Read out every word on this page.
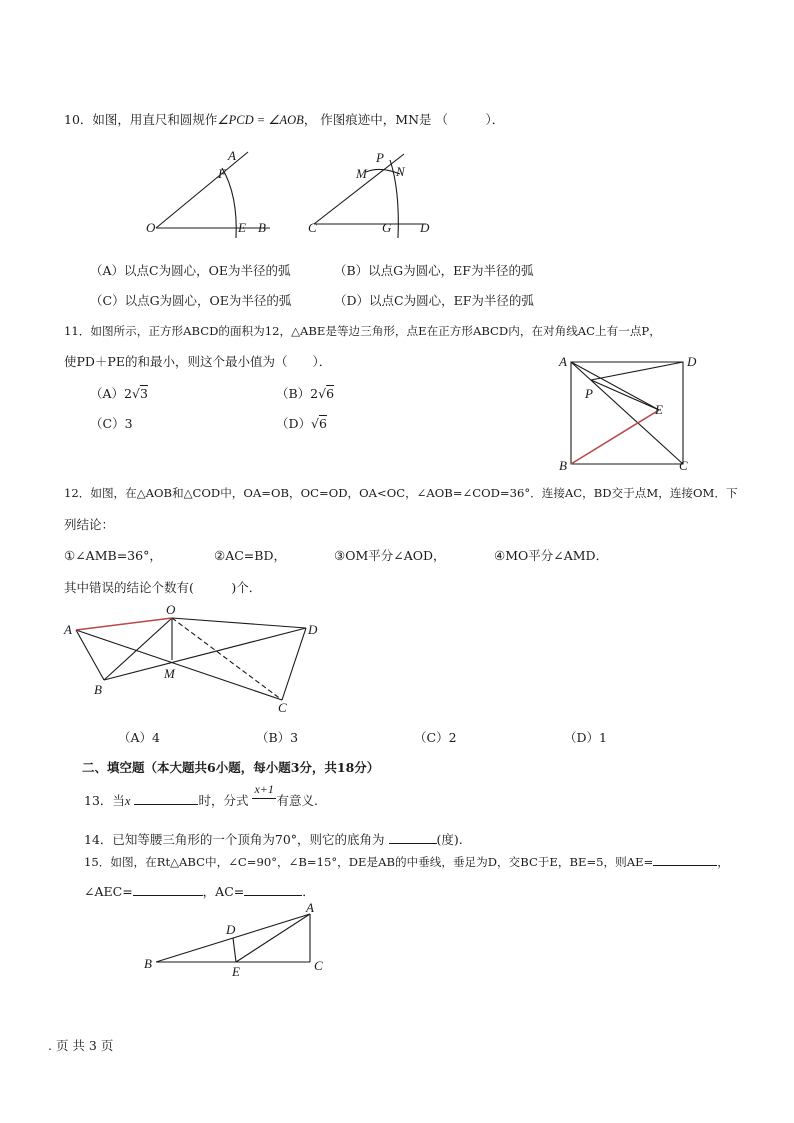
10．如图，用直尺和圆规作∠PCD = ∠AOB， 作图痕迹中，MN是 （　　　）．
A
F
O	E B
P
M N
C	G D
（A）以点C为圆心，OE为半径的弧	（B）以点G为圆心，EF为半径的弧
（C）以点G为圆心，OE为半径的弧	（D）以点C为圆心，EF为半径的弧
11．如图所示，正方形ABCD的面积为12，△ABE是等边三角形，点E在正方形ABCD内，在对角线AC上有一点P，
使PD＋PE的和最小，则这个最小值为（　　）．
（A）2√3	（B）2√6
（C）3	（D）√6
A	D
P
E
B	C
12．如图，在△AOB和△COD中，OA=OB，OC=OD，OA<OC，∠AOB=∠COD=36°．连接AC，BD交于点M，连接OM．下
列结论：
①∠AMB=36°，	②AC=BD，	③OM平分∠AOD，	④MO平分∠AMD．
其中错误的结论个数有(　　　)个．
A
O
D
B
M
C
（A）4	（B）3	（C）2	（D）1
二、填空题（本大题共6小题，每小题3分，共18分）
13．当x	时，分式
x+1
有意义.
14．已知等腰三角形的一个顶角为70°，则它的底角为	(度).
15．如图，在Rt△ABC中，∠C=90°，∠B=15°，DE是AB的中垂线，垂足为D，交BC于E，BE=5，则AE=	，
∠AEC=	，AC=	．
A
D
B
E	C
. 页 共 3 页
